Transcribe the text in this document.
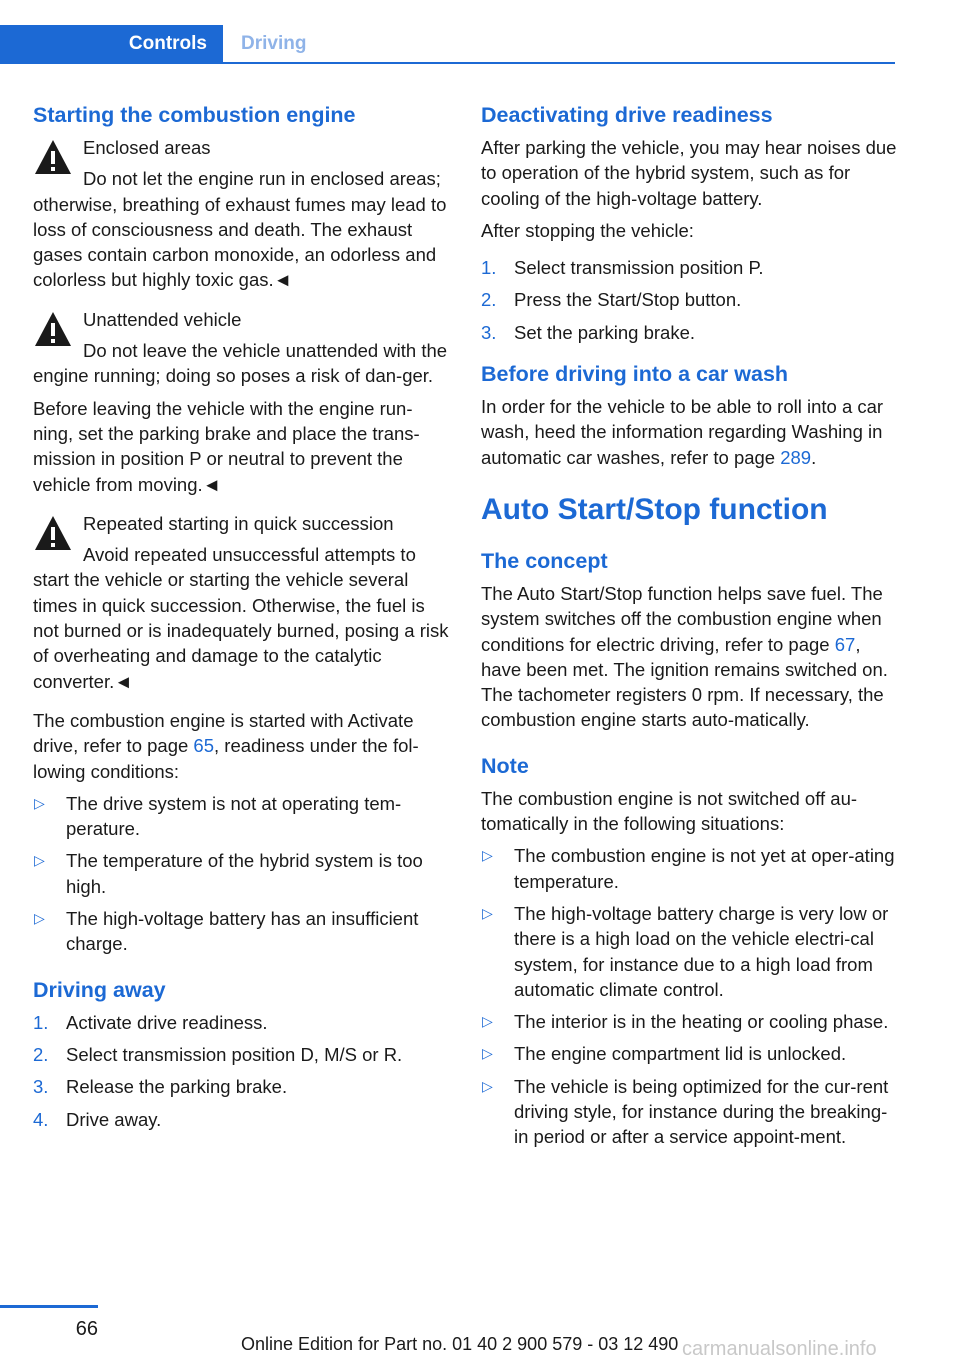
Controls	Driving
Starting the combustion engine
Enclosed areas
Do not let the engine run in enclosed areas; otherwise, breathing of exhaust fumes may lead to loss of consciousness and death. The exhaust gases contain carbon monoxide, an odorless and colorless but highly toxic gas.◄
Unattended vehicle
Do not leave the vehicle unattended with the engine running; doing so poses a risk of dan‐ger.

Before leaving the vehicle with the engine run‐ning, set the parking brake and place the trans‐mission in position P or neutral to prevent the vehicle from moving.◄

Repeated starting in quick succession
Avoid repeated unsuccessful attempts to start the vehicle or starting the vehicle several times in quick succession. Otherwise, the fuel is not burned or is inadequately burned, posing a risk of overheating and damage to the catalytic converter.◄

The combustion engine is started with Activate drive, refer to page 65, readiness under the fol‐lowing conditions:

▷ The drive system is not at operating tem‐perature.
▷ The temperature of the hybrid system is too high.
▷ The high-voltage battery has an insufficient charge.
Driving away
1. Activate drive readiness.
2. Select transmission position D, M/S or R.
3. Release the parking brake.
4. Drive away.
Deactivating drive readiness

After parking the vehicle, you may hear noises due to operation of the hybrid system, such as for cooling of the high-voltage battery.

After stopping the vehicle:

1. Select transmission position P.
2. Press the Start/Stop button.
3. Set the parking brake.
Before driving into a car wash

In order for the vehicle to be able to roll into a car wash, heed the information regarding Washing in automatic car washes, refer to page 289.

Auto Start/Stop function
The concept

The Auto Start/Stop function helps save fuel. The system switches off the combustion engine when conditions for electric driving, refer to page 67, have been met. The ignition remains switched on. The tachometer registers 0 rpm. If necessary, the combustion engine starts auto‐matically.

Note

The combustion engine is not switched off au‐tomatically in the following situations:

▷ The combustion engine is not yet at oper‐ating temperature.
▷ The high-voltage battery charge is very low or there is a high load on the vehicle electri‐cal system, for instance due to a high load from automatic climate control.
▷ The interior is in the heating or cooling phase.
▷ The engine compartment lid is unlocked.
▷ The vehicle is being optimized for the cur‐rent driving style, for instance during the breaking-in period or after a service appoint‐ment.
66
Online Edition for Part no. 01 40 2 900 579 - 03 12 490 carmanualsonline.info
